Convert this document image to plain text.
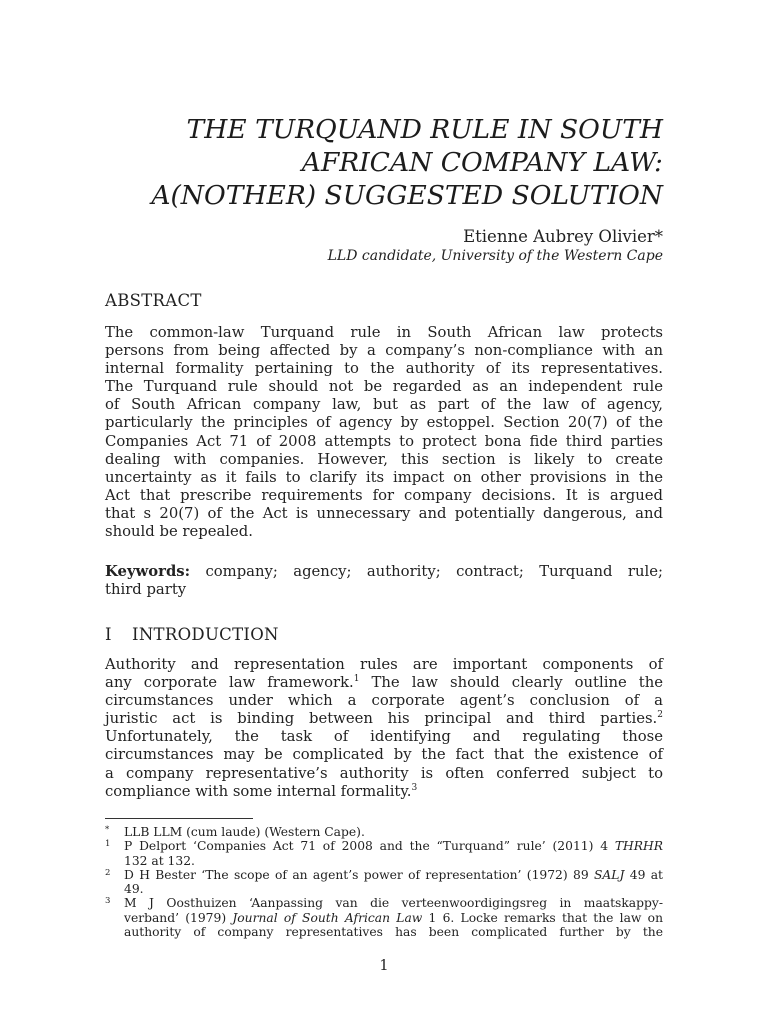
THE TURQUAND RULE IN SOUTH
AFRICAN COMPANY LAW:
A(NOTHER) SUGGESTED SOLUTION
Etienne Aubrey Olivier*
LLD candidate, University of the Western Cape
ABSTRACT
The common-law Turquand rule in South African law protects
persons from being affected by a company’s non-compliance with an
internal formality pertaining to the authority of its representatives.
The Turquand rule should not be regarded as an independent rule
of South African company law, but as part of the law of agency,
particularly the principles of agency by estoppel. Section 20(7) of the
Companies Act 71 of 2008 attempts to protect bona fide third parties
dealing with companies. However, this section is likely to create
uncertainty as it fails to clarify its impact on other provisions in the
Act that prescribe requirements for company decisions. It is argued
that s 20(7) of the Act is unnecessary and potentially dangerous, and
should be repealed.
Keywords: company; agency; authority; contract; Turquand rule;
third party
I INTRODUCTION
Authority and representation rules are important components of
any corporate law framework.$^1$ The law should clearly outline the
circumstances under which a corporate agent’s conclusion of a
juristic act is binding between his principal and third parties.$^2$
Unfortunately, the task of identifying and regulating those
circumstances may be complicated by the fact that the existence of
a company representative’s authority is often conferred subject to
compliance with some internal formality.$^3$
*	LLB LLM (cum laude) (Western Cape).
1	P Delport ‘Companies Act 71 of 2008 and the “Turquand” rule’ (2011) 4 THRHR
132 at 132.
2	D H Bester ‘The scope of an agent’s power of representation’ (1972) 89 SALJ 49 at
49.
3	M J Oosthuizen ‘Aanpassing van die verteenwoordigingsreg in maatskappy-
verband’ (1979) Journal of South African Law 1 6. Locke remarks that the law on
authority of company representatives has been complicated further by the
1
